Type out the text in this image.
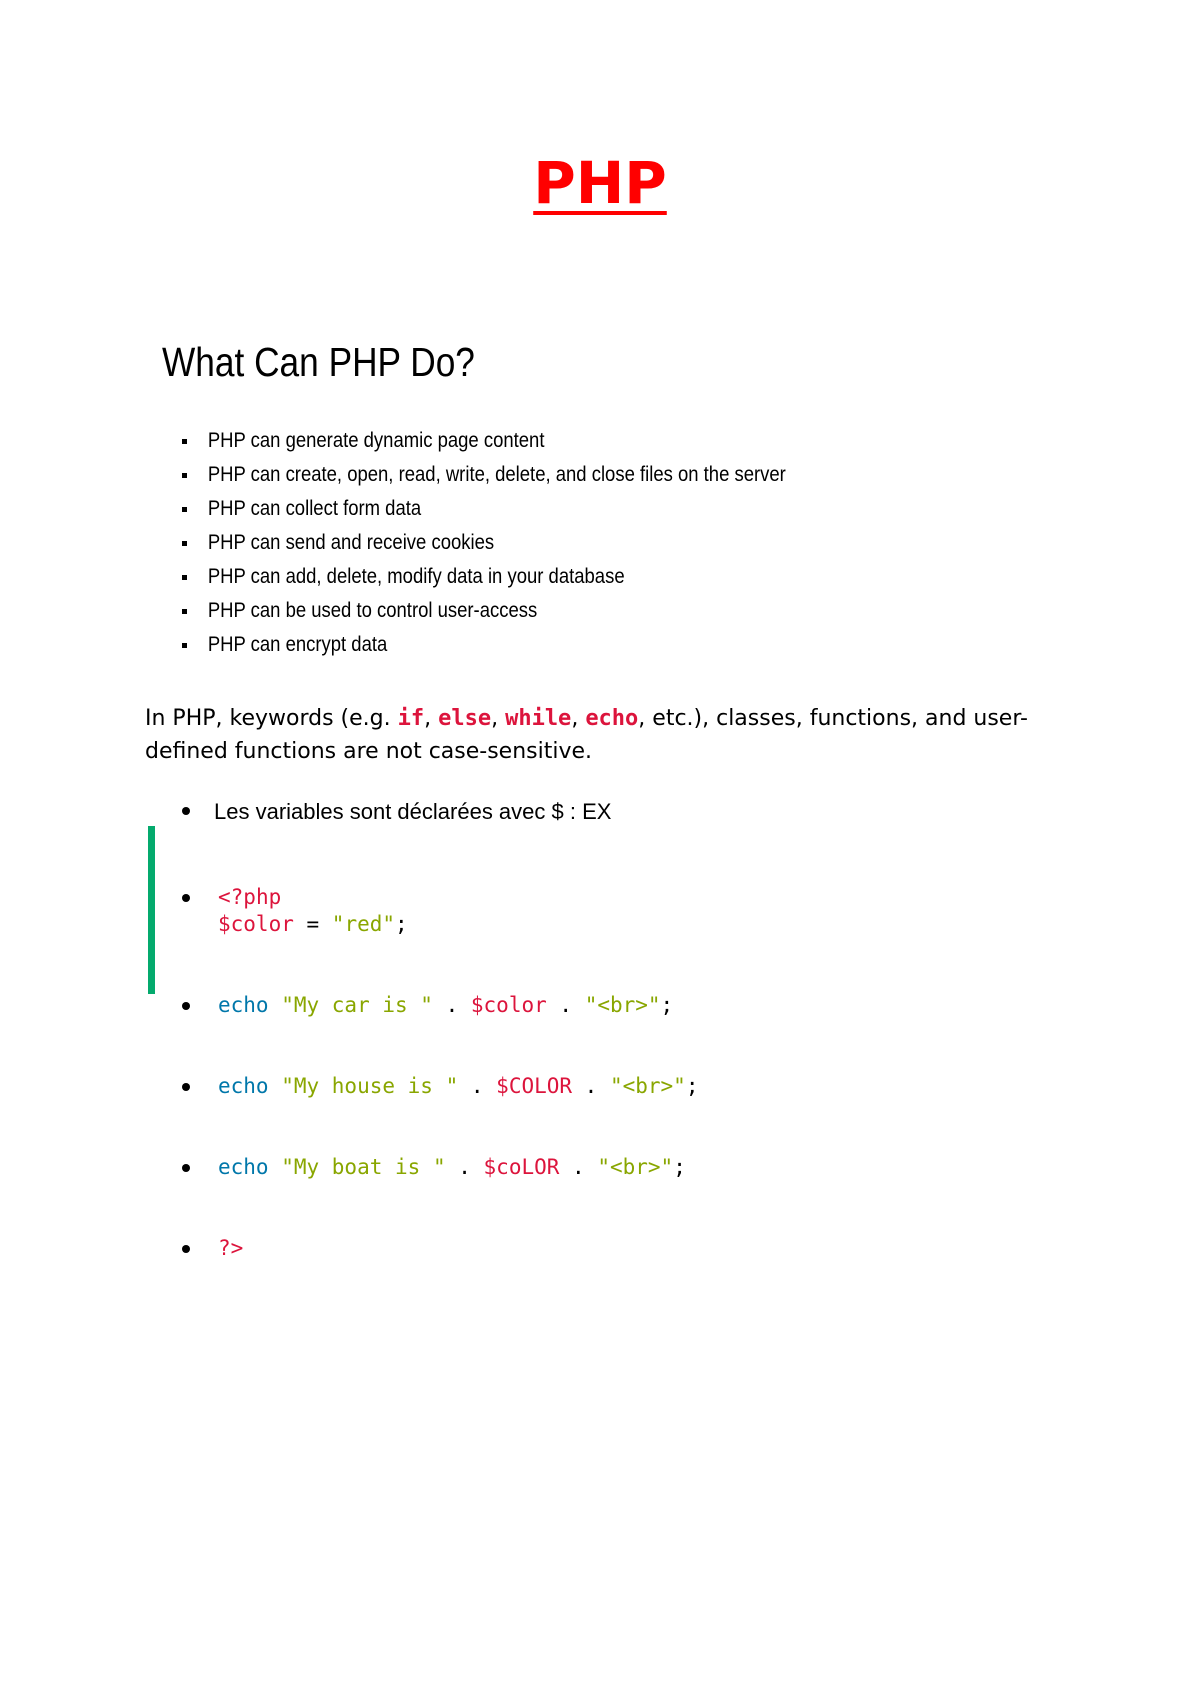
PHP
What Can PHP Do?
PHP can generate dynamic page content
PHP can create, open, read, write, delete, and close files on the server
PHP can collect form data
PHP can send and receive cookies
PHP can add, delete, modify data in your database
PHP can be used to control user-access
PHP can encrypt data
In PHP, keywords (e.g. if, else, while, echo, etc.), classes, functions, and user-defined functions are not case-sensitive.
Les variables sont déclarées avec $ : EX

<?php
$color = "red";

echo "My car is " . $color . "<br>";

echo "My house is " . $COLOR . "<br>";

echo "My boat is " . $coLOR . "<br>";

?>
